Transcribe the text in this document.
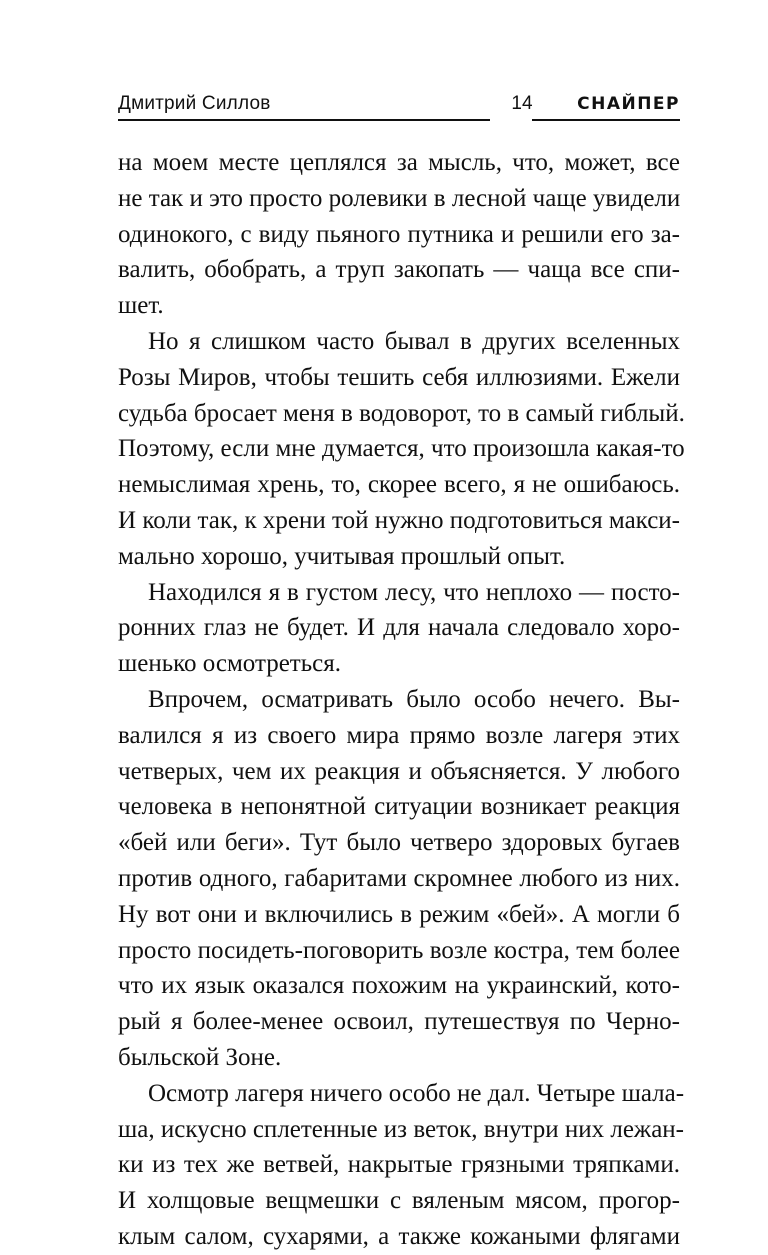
Дмитрий Силлов	14	СНАЙПЕР
на моем месте цеплялся за мысль, что, может, все
не так и это просто ролевики в лесной чаще увидели
одинокого, с виду пьяного путника и решили его за-
валить, обобрать, а труп закопать — чаща все спи-
шет.
Но я слишком часто бывал в других вселенных
Розы Миров, чтобы тешить себя иллюзиями. Ежели
судьба бросает меня в водоворот, то в самый гиблый.
Поэтому, если мне думается, что произошла какая-то
немыслимая хрень, то, скорее всего, я не ошибаюсь.
И коли так, к хрени той нужно подготовиться макси-
мально хорошо, учитывая прошлый опыт.
Находился я в густом лесу, что неплохо — посто-
ронних глаз не будет. И для начала следовало хоро-
шенько осмотреться.
Впрочем, осматривать было особо нечего. Вы-
валился я из своего мира прямо возле лагеря этих
четверых, чем их реакция и объясняется. У любого
человека в непонятной ситуации возникает реакция
«бей или беги». Тут было четверо здоровых бугаев
против одного, габаритами скромнее любого из них.
Ну вот они и включились в режим «бей». А могли б
просто посидеть-поговорить возле костра, тем более
что их язык оказался похожим на украинский, кото-
рый я более-менее освоил, путешествуя по Черно-
быльской Зоне.
Осмотр лагеря ничего особо не дал. Четыре шала-
ша, искусно сплетенные из веток, внутри них лежан-
ки из тех же ветвей, накрытые грязными тряпками.
И холщовые вещмешки с вяленым мясом, прогор-
клым салом, сухарями, а также кожаными флягами
